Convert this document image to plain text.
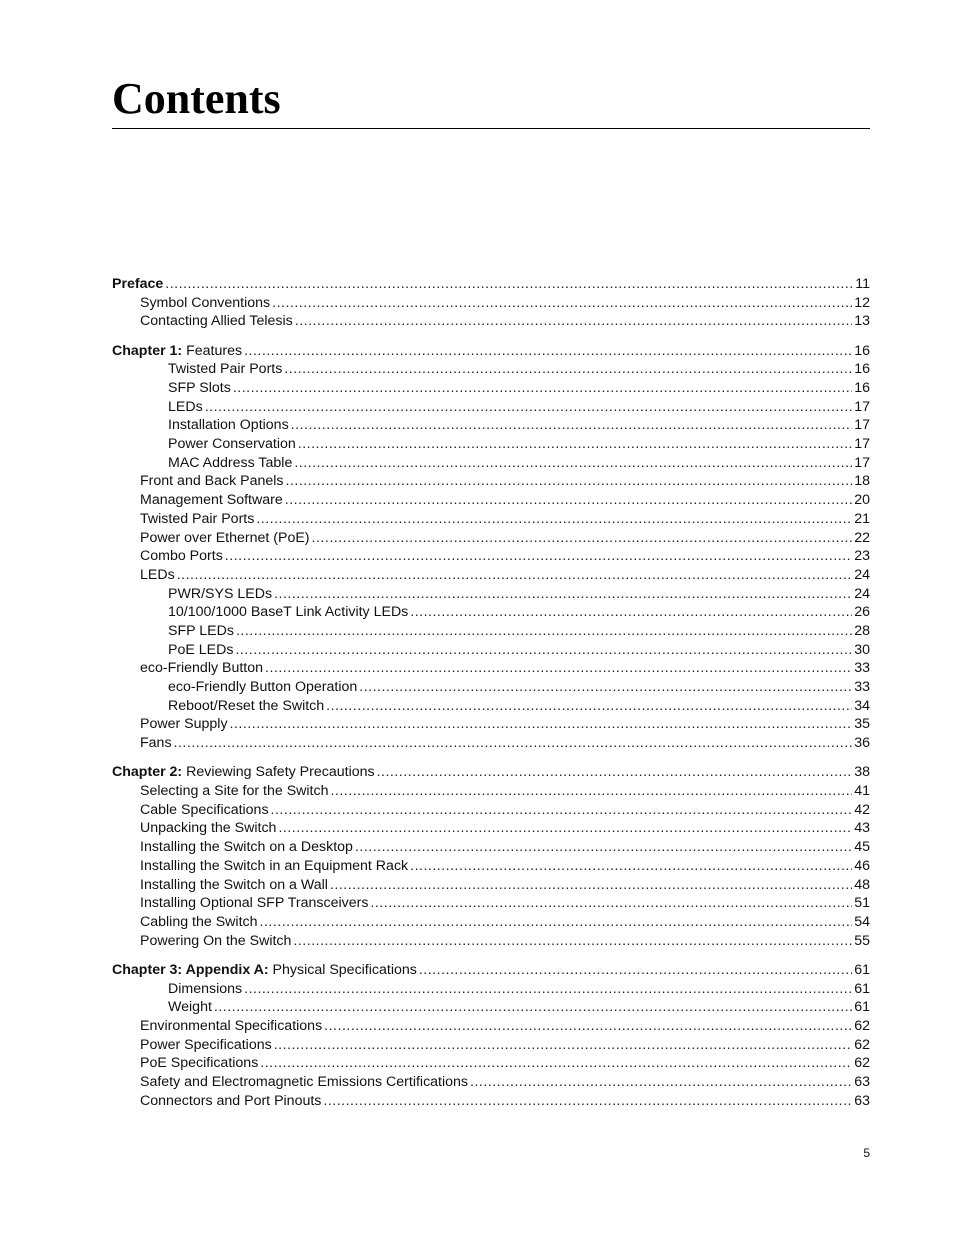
Contents
Preface .....	11
Symbol Conventions .....	12
Contacting Allied Telesis .....	13
Chapter 1: Features .....	16
Twisted Pair Ports .....	16
SFP Slots .....	16
LEDs .....	17
Installation Options .....	17
Power Conservation .....	17
MAC Address Table .....	17
Front and Back Panels .....	18
Management Software .....	20
Twisted Pair Ports .....	21
Power over Ethernet (PoE) .....	22
Combo Ports .....	23
LEDs .....	24
PWR/SYS LEDs .....	24
10/100/1000 BaseT Link Activity LEDs .....	26
SFP LEDs .....	28
PoE LEDs .....	30
eco-Friendly Button .....	33
eco-Friendly Button Operation .....	33
Reboot/Reset the Switch .....	34
Power Supply .....	35
Fans .....	36
Chapter 2: Reviewing Safety Precautions .....	38
Selecting a Site for the Switch .....	41
Cable Specifications .....	42
Unpacking the Switch .....	43
Installing the Switch on a Desktop .....	45
Installing the Switch in an Equipment Rack .....	46
Installing the Switch on a Wall .....	48
Installing Optional SFP Transceivers .....	51
Cabling the Switch .....	54
Powering On the Switch .....	55
Chapter 3: Appendix A: Physical Specifications .....	61
Dimensions .....	61
Weight .....	61
Environmental Specifications .....	62
Power Specifications .....	62
PoE Specifications .....	62
Safety and Electromagnetic Emissions Certifications .....	63
Connectors and Port Pinouts .....	63
5
